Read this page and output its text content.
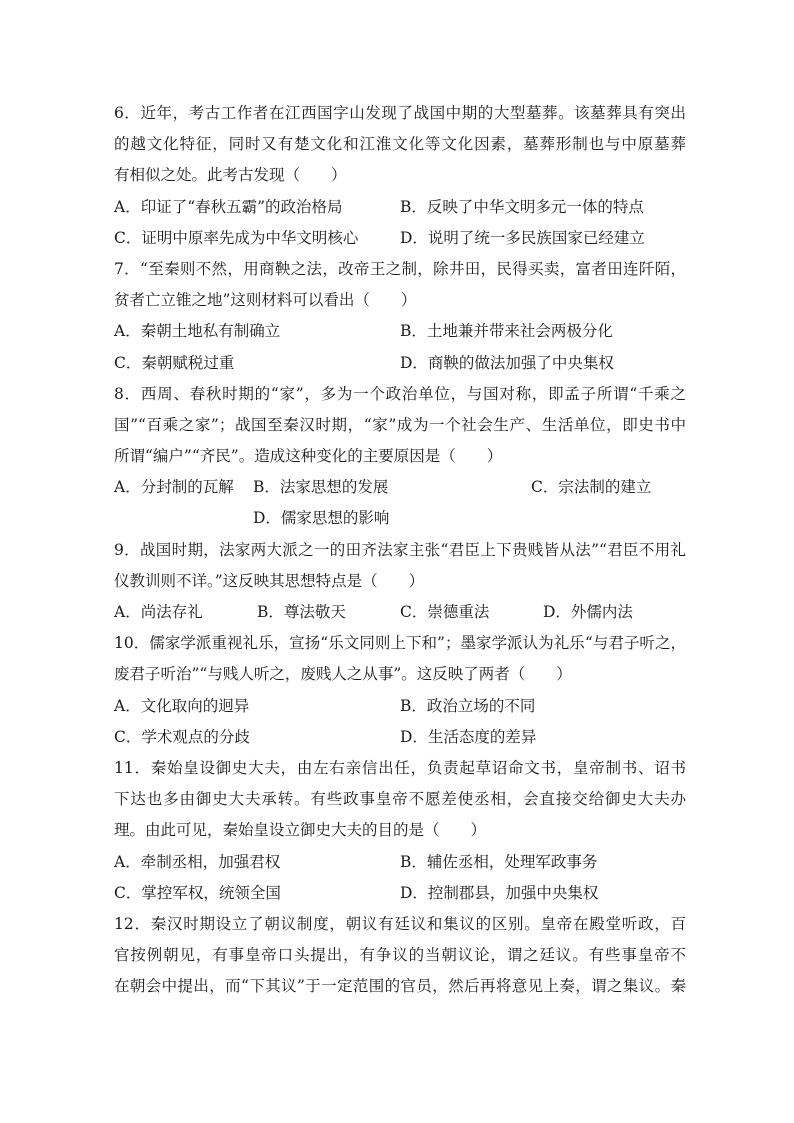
6．近年，考古工作者在江西国字山发现了战国中期的大型墓葬。该墓葬具有突出
的越文化特征，同时又有楚文化和江淮文化等文化因素，墓葬形制也与中原墓葬
有相似之处。此考古发现（　　）
A．印证了“春秋五霸”的政治格局	B．反映了中华文明多元一体的特点
C．证明中原率先成为中华文明核心	D．说明了统一多民族国家已经建立
7．“至秦则不然，用商鞅之法，改帝王之制，除井田，民得买卖，富者田连阡陌，
贫者亡立锥之地”这则材料可以看出（　　）
A．秦朝土地私有制确立	B．土地兼并带来社会两极分化
C．秦朝赋税过重	D．商鞅的做法加强了中央集权
8．西周、春秋时期的“家”，多为一个政治单位，与国对称，即孟子所谓“千乘之
国”“百乘之家”；战国至秦汉时期，“家”成为一个社会生产、生活单位，即史书中
所谓“编户”“齐民”。造成这种变化的主要原因是（　　）
A．分封制的瓦解 B．法家思想的发展	C．宗法制的建立
D．儒家思想的影响
9．战国时期，法家两大派之一的田齐法家主张“君臣上下贵贱皆从法”“君臣不用礼
仪教训则不详。”这反映其思想特点是（　　）
A．尚法存礼	B．尊法敬天	C．崇德重法	D．外儒内法
10．儒家学派重视礼乐，宣扬“乐文同则上下和”；墨家学派认为礼乐“与君子听之，
废君子听治”“与贱人听之，废贱人之从事”。这反映了两者（　　）
A．文化取向的迥异	B．政治立场的不同
C．学术观点的分歧	D．生活态度的差异
11．秦始皇设御史大夫，由左右亲信出任，负责起草诏命文书，皇帝制书、诏书
下达也多由御史大夫承转。有些政事皇帝不愿差使丞相，会直接交给御史大夫办
理。由此可见，秦始皇设立御史大夫的目的是（　　）
A．牵制丞相，加强君权	B．辅佐丞相，处理军政事务
C．掌控军权，统领全国	D．控制郡县，加强中央集权
12．秦汉时期设立了朝议制度，朝议有廷议和集议的区别。皇帝在殿堂听政，百
官按例朝见，有事皇帝口头提出，有争议的当朝议论，谓之廷议。有些事皇帝不
在朝会中提出，而“下其议”于一定范围的官员，然后再将意见上奏，谓之集议。秦
